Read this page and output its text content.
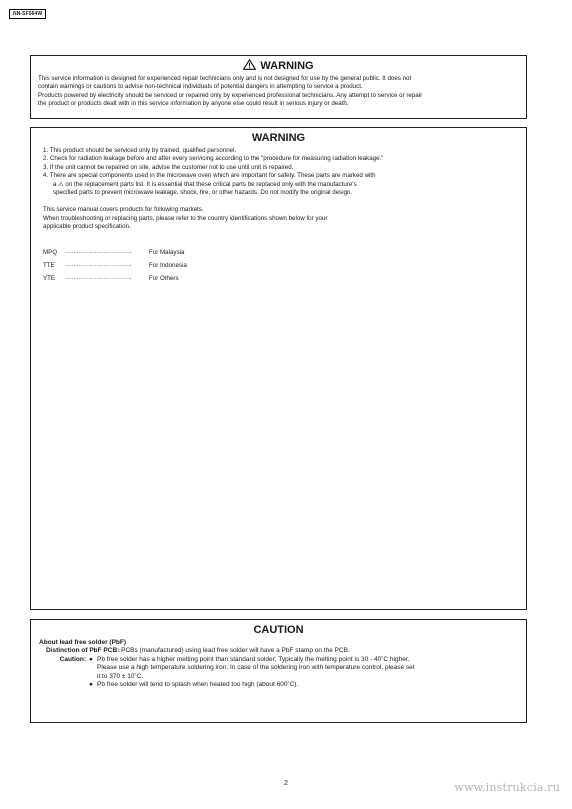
NN-SF564W
WARNING

This service information is designed for experienced repair technicians only and is not designed for use by the general public. It does not

contain warnings or cautions to advise non-technical individuals of potential dangers in attempting to service a product.

Products powered by electricity should be serviced or repaired only by experienced professional technicians. Any attempt to service or repair

the product or products dealt with in this service information by anyone else could result in serious injury or death.

WARNING
1. This product should be serviced only by trained, qualified personnel.
2. Check for radiation leakage before and after every servicing according to the "procedure for measuring radiation leakage."
3. If the unit cannot be repaired on site, advise the customer not to use until unit is repaired.
4. There are special components used in the microwave oven which are important for safety. These parts are marked with
a ⚠ on the replacement parts list. It is essential that these critical parts be replaced only with the manufacture's
specified parts to prevent microwave leakage, shock, fire, or other hazards. Do not modify the original design.

This service manual covers products for following markets.

When troubleshooting or replacing parts, please refer to the country identifications shown below for your

applicable product specification.

MPQ	········································	For Malaysia
TTE	········································	For Indonesia
YTE	········································	For Others
CAUTION

About lead free solder (PbF)

Distinction of PbF PCB: PCBs (manufactured) using lead free solder will have a PbF stamp on the PCB.

Caution: ● Pb free solder has a higher melting point than standard solder; Typically the melting point is 30 - 40˚C higher.
Please use a high temperature soldering iron. In case of the soldering iron with temperature control, please set
it to 370 ± 10˚C.
● Pb free solder will tend to splash when heated too high (about 600˚C).
2	www.instrukcia.ru
